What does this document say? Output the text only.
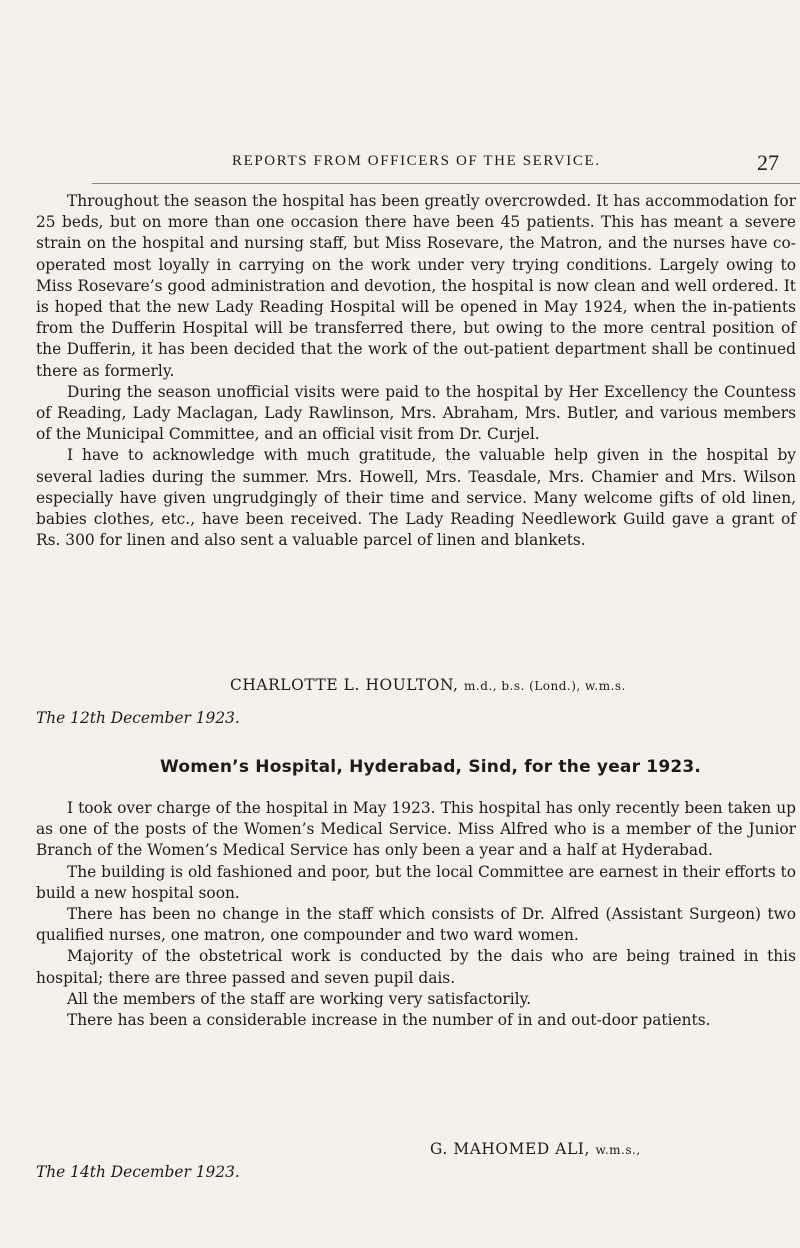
REPORTS FROM OFFICERS OF THE SERVICE.	27

Throughout the season the hospital has been greatly overcrowded. It has accommodation for 25 beds, but on more than one occasion there have been 45 patients. This has meant a severe strain on the hospital and nursing staff, but Miss Rosevare, the Matron, and the nurses have co-operated most loyally in carrying on the work under very trying conditions. Largely owing to Miss Rosevare’s good administration and devotion, the hospital is now clean and well ordered. It is hoped that the new Lady Reading Hospital will be opened in May 1924, when the in-patients from the Dufferin Hospital will be transferred there, but owing to the more central position of the Dufferin, it has been decided that the work of the out-patient department shall be continued there as formerly.

During the season unofficial visits were paid to the hospital by Her Excellency the Countess of Reading, Lady Maclagan, Lady Rawlinson, Mrs. Abraham, Mrs. Butler, and various members of the Municipal Committee, and an official visit from Dr. Curjel.

I have to acknowledge with much gratitude, the valuable help given in the hospital by several ladies during the summer. Mrs. Howell, Mrs. Teasdale, Mrs. Chamier and Mrs. Wilson especially have given ungrudgingly of their time and service. Many welcome gifts of old linen, babies clothes, etc., have been received. The Lady Reading Needlework Guild gave a grant of Rs. 300 for linen and also sent a valuable parcel of linen and blankets.

CHARLOTTE L. HOULTON, m.d., b.s. (Lond.), w.m.s.
The 12th December 1923.
Women’s Hospital, Hyderabad, Sind, for the year 1923.

I took over charge of the hospital in May 1923. This hospital has only recently been taken up as one of the posts of the Women’s Medical Service. Miss Alfred who is a member of the Junior Branch of the Women’s Medical Service has only been a year and a half at Hyderabad.

The building is old fashioned and poor, but the local Committee are earnest in their efforts to build a new hospital soon.

There has been no change in the staff which consists of Dr. Alfred (Assistant Surgeon) two qualified nurses, one matron, one compounder and two ward women.

Majority of the obstetrical work is conducted by the dais who are being trained in this hospital; there are three passed and seven pupil dais.

All the members of the staff are working very satisfactorily.

There has been a considerable increase in the number of in and out-door patients.

G. MAHOMED ALI, w.m.s.,
The 14th December 1923.
